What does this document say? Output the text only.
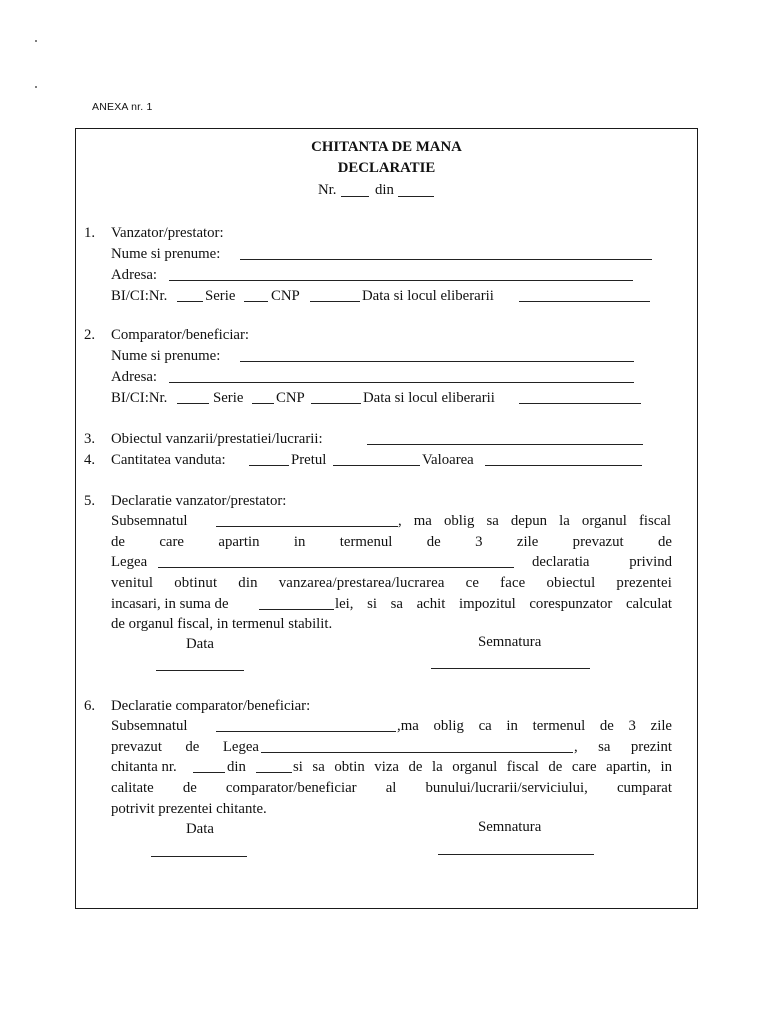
ANEXA nr. 1
CHITANTA DE MANA
DECLARATIE
Nr.	din
1. Vanzator/prestator:
Nume si prenume:
Adresa:
BI/CI:Nr.	Serie CNP	Data si locul eliberarii
2. Comparator/beneficiar:
Nume si prenume:
Adresa:
BI/CI:Nr.	Serie CNP	Data si locul eliberarii
3. Obiectul vanzarii/prestatiei/lucrarii:
4. Cantitatea vanduta:	Pretul	Valoarea
5. Declaratie vanzator/prestator:
Subsemnatul	, ma oblig sa depun la organul fiscal
de care apartin in termenul de 3 zile prevazut de
Legea	declaratia privind
venitul obtinut din vanzarea/prestarea/lucrarea ce face obiectul prezentei
incasari, in suma de	lei, si sa achit impozitul corespunzator calculat
de organul fiscal, in termenul stabilit.
Data	Semnatura
6. Declaratie comparator/beneficiar:
Subsemnatul	,ma oblig ca in termenul de 3 zile
prevazut de Legea	, sa prezint
chitanta nr.	din	si sa obtin viza de la organul fiscal de care apartin, in
calitate de comparator/beneficiar al bunului/lucrarii/serviciului, cumparat
potrivit prezentei chitante.
Data	Semnatura
